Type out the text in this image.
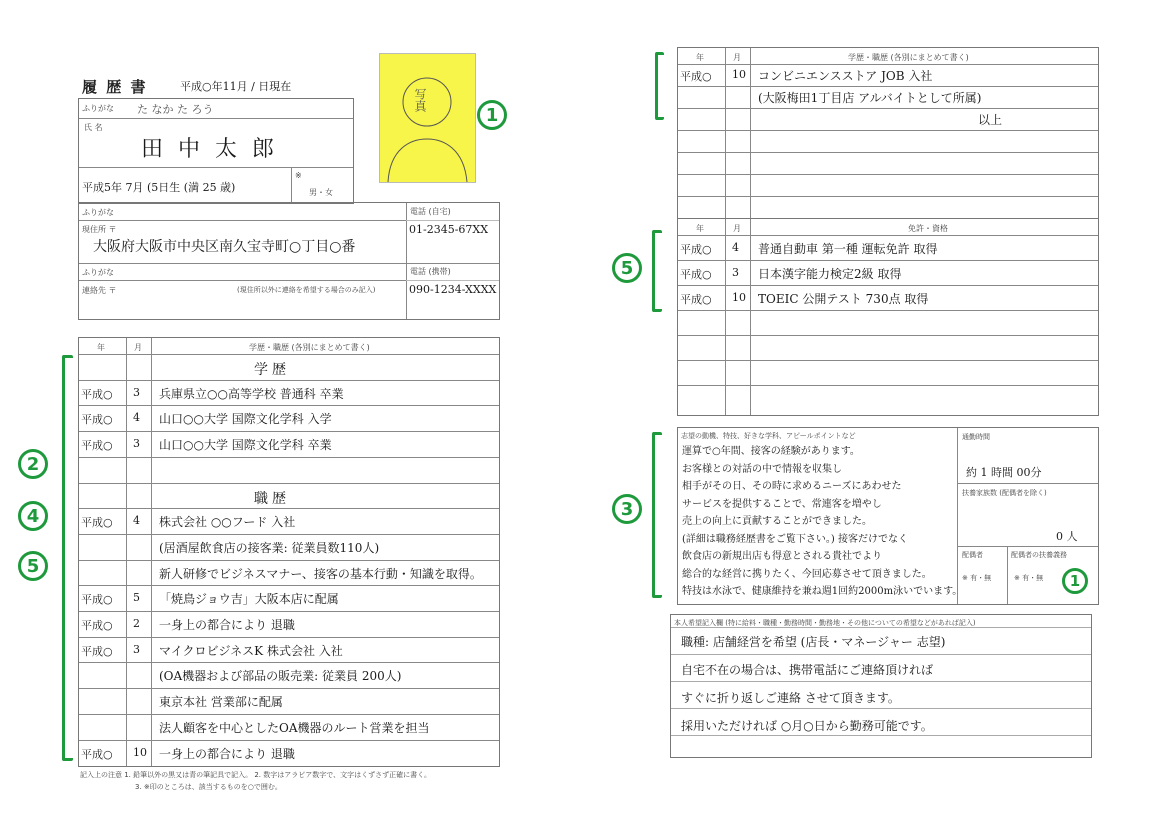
履 歴 書	平成○年11月 / 日現在
写真
1
ふりがな た なか た ろう
氏 名
田 中 太 郎
平成5年 7月 (5日生 (満 25 歳)
※
男・女
ふりがな
現住所 〒
大阪府大阪市中央区南久宝寺町○丁目○番
電話 (自宅)
01-2345-67XX
ふりがな
連絡先 〒	(現住所以外に連絡を希望する場合のみ記入)
電話 (携帯)
090-1234-XXXX
年	月	学歴・職歴 (各別にまとめて書く)
学歴
平成○ 3 兵庫県立○○高等学校 普通科 卒業
平成○ 4 山口○○大学 国際文化学科 入学
平成○ 3 山口○○大学 国際文化学科 卒業
職歴
平成○ 4 株式会社 ○○フード 入社
(居酒屋飲食店の接客業: 従業員数110人)
新人研修でビジネスマナー、接客の基本行動・知識を取得。
平成○ 5 「焼鳥ジョウ吉」大阪本店に配属
平成○ 2 一身上の都合により 退職
平成○ 3 マイクロビジネスK 株式会社 入社
(OA機器および部品の販売業: 従業員 200人)
東京本社 営業部に配属
法人顧客を中心としたOA機器のルート営業を担当
平成○ 10 一身上の都合により 退職
記入上の注意 1. 鉛筆以外の黒又は青の筆記具で記入。 2. 数字はアラビア数字で、文字はくずさず正確に書く。
3. ※印のところは、該当するものを○で囲む。
2
4
5
年	月	学歴・職歴 (各別にまとめて書く)
平成○ 10 コンビニエンスストア JOB 入社
(大阪梅田1丁目店 アルバイトとして所属)
以上
年	月	免許・資格
平成○ 4 普通自動車 第一種 運転免許 取得
平成○ 3 日本漢字能力検定2級 取得
平成○ 10 TOEIC 公開テスト 730点 取得
志望の動機、特技、好きな学科、アピールポイントなど
運算で○年間、接客の経験があります。
お客様との対話の中で情報を収集し
相手がその日、その時に求めるニーズにあわせた
サービスを提供することで、常連客を増やし
売上の向上に貢献することができました。
(詳細は職務経歴書をご覧下さい。) 接客だけでなく
飲食店の新規出店も得意とされる貴社でより
総合的な経営に携りたく、今回応募させて頂きました。
特技は水泳で、健康維持を兼ね週1回約2000m泳いでいます。
通勤時間
約 1 時間 00分
扶養家族数 (配偶者を除く)
0 人
配偶者
※ 有・無
配偶者の扶養義務
※ 有・無	1
本人希望記入欄 (特に給料・職種・勤務時間・勤務地・その他についての希望などがあれば記入)
職種: 店舗経営を希望 (店長・マネージャー 志望)
自宅不在の場合は、携帯電話にご連絡頂ければ
すぐに折り返しご連絡 させて頂きます。
採用いただければ ○月○日から勤務可能です。
5
3
